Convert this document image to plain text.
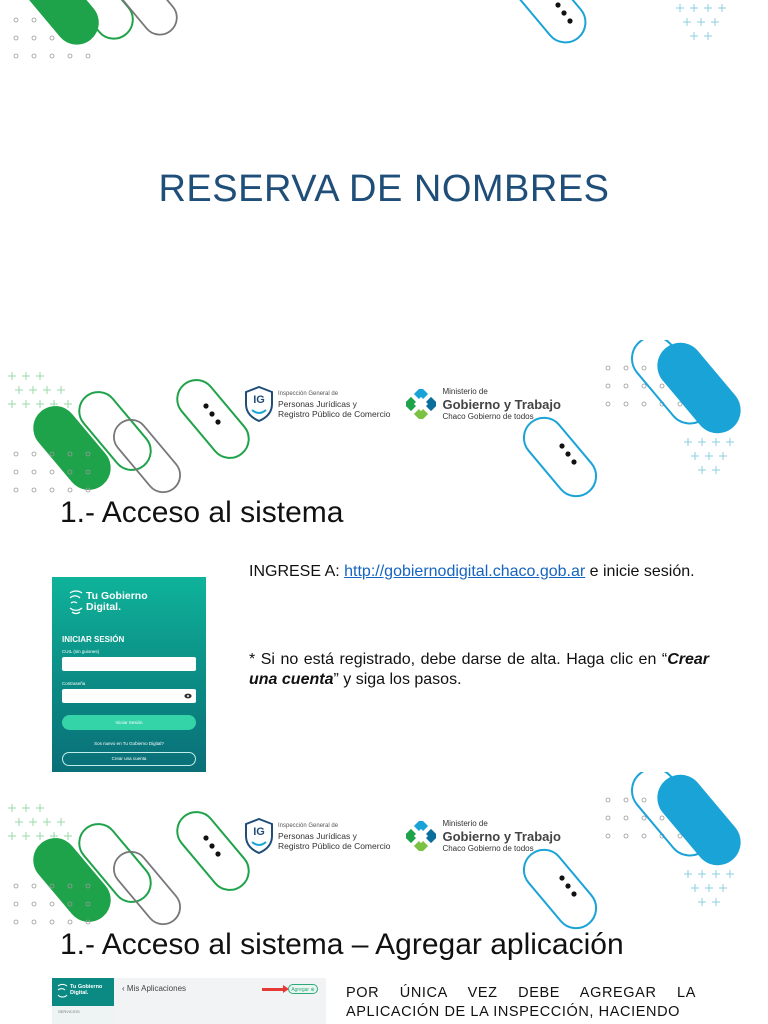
RESERVA DE NOMBRES
IG Inspección General de
Personas Jurídicas y
Registro Público de Comercio
Ministerio de
Gobierno y Trabajo
Chaco Gobierno de todos
1.- Acceso al sistema
Tu Gobierno
Digital.
INICIAR SESIÓN
CUIL (sin guiones)
Contraseña
Iniciar Sesión
Sos nuevo en Tu Gobierno Digital?
Crear una cuenta
INGRESE A: http://gobiernodigital.chaco.gob.ar e inicie sesión.
* Si no está registrado, debe darse de alta. Haga clic en “Crear una cuenta” y siga los pasos.
IG Inspección General de
Personas Jurídicas y
Registro Público de Comercio
Ministerio de
Gobierno y Trabajo
Chaco Gobierno de todos
1.- Acceso al sistema – Agregar aplicación
Tu Gobierno
Digital.
SERVICIOS
‹ Mis Aplicaciones	Agregar ⊕ POR ÚNICA VEZ DEBE AGREGAR LA APLICACIÓN DE LA INSPECCIÓN, HACIENDO
